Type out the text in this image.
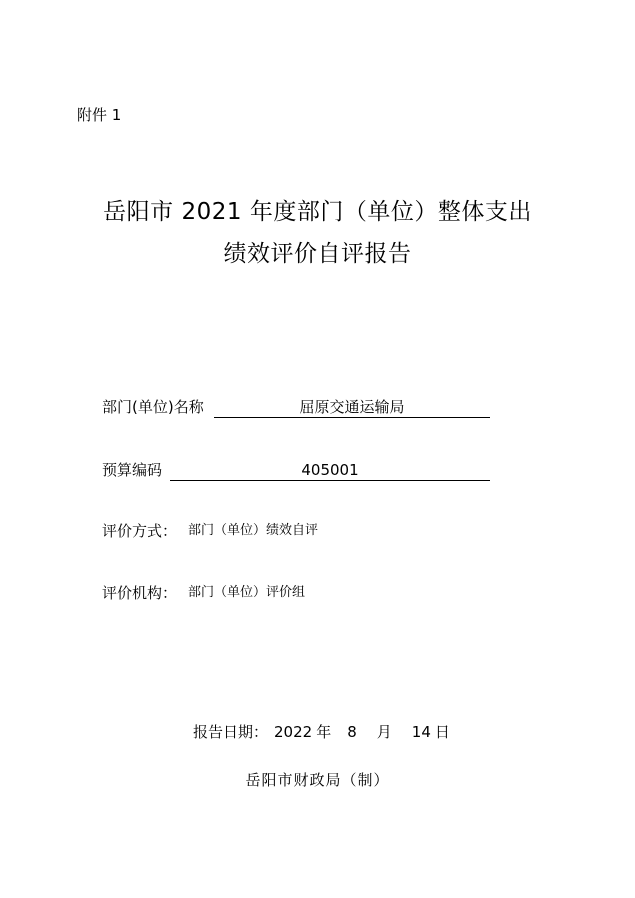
附件 1
岳阳市 2021 年度部门（单位）整体支出
绩效评价自评报告
部门(单位)名称	屈原交通运输局
预算编码	405001
评价方式： 部门（单位）绩效自评
评价机构： 部门（单位）评价组
报告日期： 2022 年 8 月 14 日
岳阳市财政局（制）
